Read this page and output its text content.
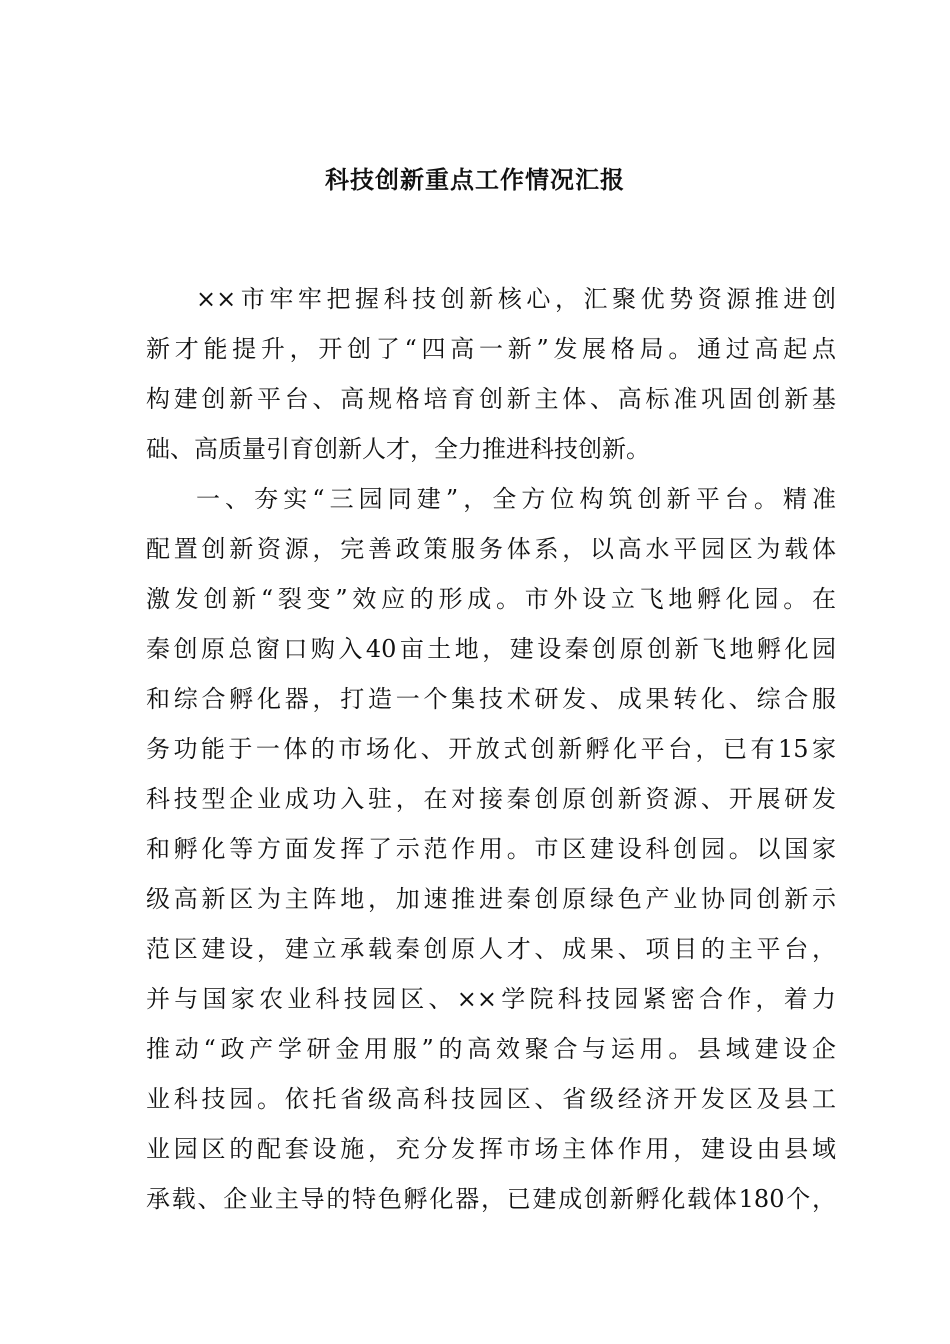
科技创新重点工作情况汇报
××市牢牢把握科技创新核心，汇聚优势资源推进创
新才能提升，开创了“四高一新”发展格局。通过高起点
构建创新平台、高规格培育创新主体、高标准巩固创新基
础、高质量引育创新人才，全力推进科技创新。
一、夯实“三园同建”，全方位构筑创新平台。精准
配置创新资源，完善政策服务体系，以高水平园区为载体
激发创新“裂变”效应的形成。市外设立飞地孵化园。在
秦创原总窗口购入40亩土地，建设秦创原创新飞地孵化园
和综合孵化器，打造一个集技术研发、成果转化、综合服
务功能于一体的市场化、开放式创新孵化平台，已有15家
科技型企业成功入驻，在对接秦创原创新资源、开展研发
和孵化等方面发挥了示范作用。市区建设科创园。以国家
级高新区为主阵地，加速推进秦创原绿色产业协同创新示
范区建设，建立承载秦创原人才、成果、项目的主平台，
并与国家农业科技园区、××学院科技园紧密合作，着力
推动“政产学研金用服”的高效聚合与运用。县域建设企
业科技园。依托省级高科技园区、省级经济开发区及县工
业园区的配套设施，充分发挥市场主体作用，建设由县域
承载、企业主导的特色孵化器，已建成创新孵化载体180个，
